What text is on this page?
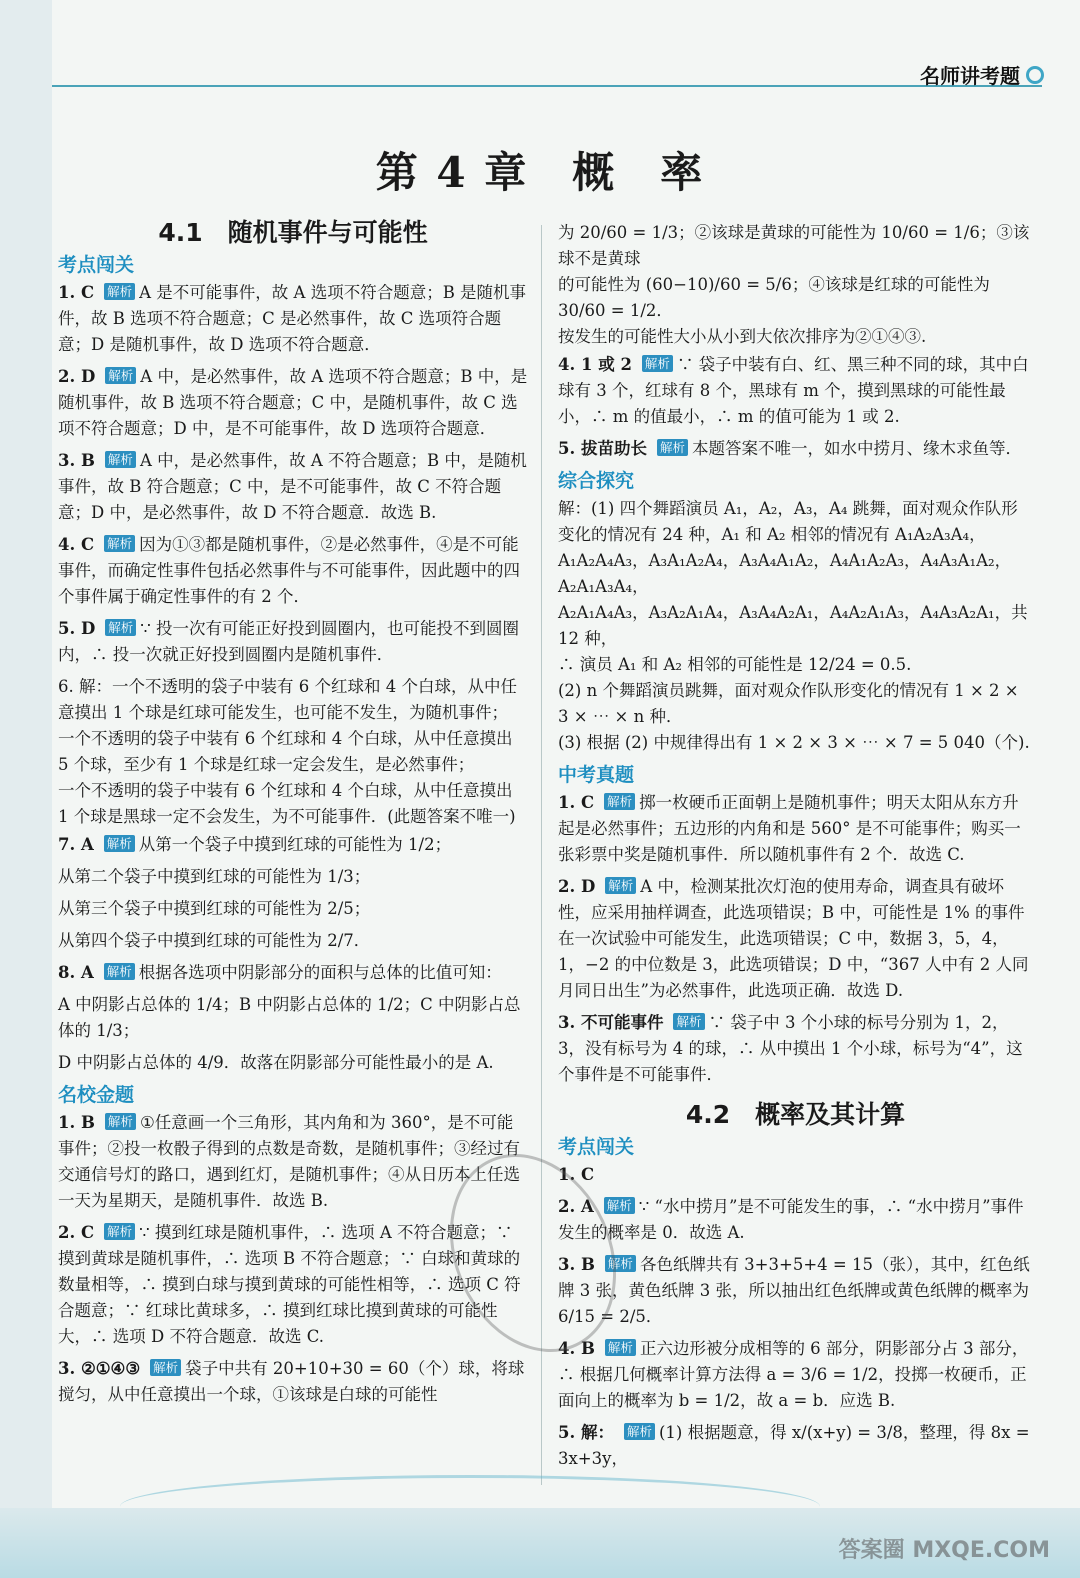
名师讲考题
第 4 章　概　率
4.1　随机事件与可能性
考点闯关
1. C 解析 A 是不可能事件，故 A 选项不符合题意；B 是随机事件，故 B 选项不符合题意；C 是必然事件，故 C 选项符合题意；D 是随机事件，故 D 选项不符合题意．
2. D 解析 A 中，是必然事件，故 A 选项不符合题意；B 中，是随机事件，故 B 选项不符合题意；C 中，是随机事件，故 C 选项不符合题意；D 中，是不可能事件，故 D 选项符合题意．
3. B 解析 A 中，是必然事件，故 A 不符合题意；B 中，是随机事件，故 B 符合题意；C 中，是不可能事件，故 C 不符合题意；D 中，是必然事件，故 D 不符合题意．故选 B.
4. C 解析 因为①③都是随机事件，②是必然事件，④是不可能事件，而确定性事件包括必然事件与不可能事件，因此题中的四个事件属于确定性事件的有 2 个．
5. D 解析 ∵ 投一次有可能正好投到圆圈内，也可能投不到圆圈内，∴ 投一次就正好投到圆圈内是随机事件．
6. 解：一个不透明的袋子中装有 6 个红球和 4 个白球，从中任意摸出 1 个球是红球可能发生，也可能不发生，为随机事件；
一个不透明的袋子中装有 6 个红球和 4 个白球，从中任意摸出 5 个球，至少有 1 个球是红球一定会发生，是必然事件；
一个不透明的袋子中装有 6 个红球和 4 个白球，从中任意摸出 1 个球是黑球一定不会发生，为不可能事件．(此题答案不唯一)
7. A 解析 从第一个袋子中摸到红球的可能性为 1/2；
从第二个袋子中摸到红球的可能性为 1/3；
从第三个袋子中摸到红球的可能性为 2/5；
从第四个袋子中摸到红球的可能性为 2/7．
8. A 解析 根据各选项中阴影部分的面积与总体的比值可知：
A 中阴影占总体的 1/4；B 中阴影占总体的 1/2；C 中阴影占总体的 1/3；
D 中阴影占总体的 4/9．故落在阴影部分可能性最小的是 A.
名校金题
1. B 解析 ①任意画一个三角形，其内角和为 360°，是不可能事件；②投一枚骰子得到的点数是奇数，是随机事件；③经过有交通信号灯的路口，遇到红灯，是随机事件；④从日历本上任选一天为星期天，是随机事件．故选 B.
2. C 解析 ∵ 摸到红球是随机事件，∴ 选项 A 不符合题意；∵ 摸到黄球是随机事件，∴ 选项 B 不符合题意；∵ 白球和黄球的数量相等，∴ 摸到白球与摸到黄球的可能性相等，∴ 选项 C 符合题意；∵ 红球比黄球多，∴ 摸到红球比摸到黄球的可能性大，∴ 选项 D 不符合题意．故选 C.
3. ②①④③ 解析 袋子中共有 20+10+30 = 60（个）球，将球搅匀，从中任意摸出一个球，①该球是白球的可能性
为 20/60 = 1/3；②该球是黄球的可能性为 10/60 = 1/6；③该球不是黄球
的可能性为 (60−10)/60 = 5/6；④该球是红球的可能性为 30/60 = 1/2．
按发生的可能性大小从小到大依次排序为②①④③.
4. 1 或 2 解析 ∵ 袋子中装有白、红、黑三种不同的球，其中白球有 3 个，红球有 8 个，黑球有 m 个，摸到黑球的可能性最小，∴ m 的值最小，∴ m 的值可能为 1 或 2.
5. 拔苗助长 解析 本题答案不唯一，如水中捞月、缘木求鱼等．
综合探究
解：(1) 四个舞蹈演员 A₁，A₂，A₃，A₄ 跳舞，面对观众作队形变化的情况有 24 种，A₁ 和 A₂ 相邻的情况有 A₁A₂A₃A₄，
A₁A₂A₄A₃，A₃A₁A₂A₄，A₃A₄A₁A₂，A₄A₁A₂A₃，A₄A₃A₁A₂，A₂A₁A₃A₄，
A₂A₁A₄A₃，A₃A₂A₁A₄，A₃A₄A₂A₁，A₄A₂A₁A₃，A₄A₃A₂A₁，共 12 种，
∴ 演员 A₁ 和 A₂ 相邻的可能性是 12/24 = 0.5.
(2) n 个舞蹈演员跳舞，面对观众作队形变化的情况有 1 × 2 × 3 × ⋯ × n 种．
(3) 根据 (2) 中规律得出有 1 × 2 × 3 × ⋯ × 7 = 5 040（个).
中考真题
1. C 解析 掷一枚硬币正面朝上是随机事件；明天太阳从东方升起是必然事件；五边形的内角和是 560° 是不可能事件；购买一张彩票中奖是随机事件．所以随机事件有 2 个．故选 C.
2. D 解析 A 中，检测某批次灯泡的使用寿命，调查具有破坏性，应采用抽样调查，此选项错误；B 中，可能性是 1% 的事件在一次试验中可能发生，此选项错误；C 中，数据 3，5，4，1，−2 的中位数是 3，此选项错误；D 中，“367 人中有 2 人同月同日出生”为必然事件，此选项正确．故选 D.
3. 不可能事件 解析 ∵ 袋子中 3 个小球的标号分别为 1，2，3，没有标号为 4 的球，∴ 从中摸出 1 个小球，标号为“4”，这个事件是不可能事件．
4.2　概率及其计算
考点闯关
1. C
2. A 解析 ∵ “水中捞月”是不可能发生的事，∴ “水中捞月”事件发生的概率是 0．故选 A.
3. B 解析 各色纸牌共有 3+3+5+4 = 15（张），其中，红色纸牌 3 张，黄色纸牌 3 张，所以抽出红色纸牌或黄色纸牌的概率为 6/15 = 2/5．
4. B 解析 正六边形被分成相等的 6 部分，阴影部分占 3 部分，∴ 根据几何概率计算方法得 a = 3/6 = 1/2，投掷一枚硬币，正面向上的概率为 b = 1/2，故 a = b．应选 B.
5. 解： 解析 (1) 根据题意，得 x/(x+y) = 3/8，整理，得 8x = 3x+3y，
答案圈 MXQE.COM
